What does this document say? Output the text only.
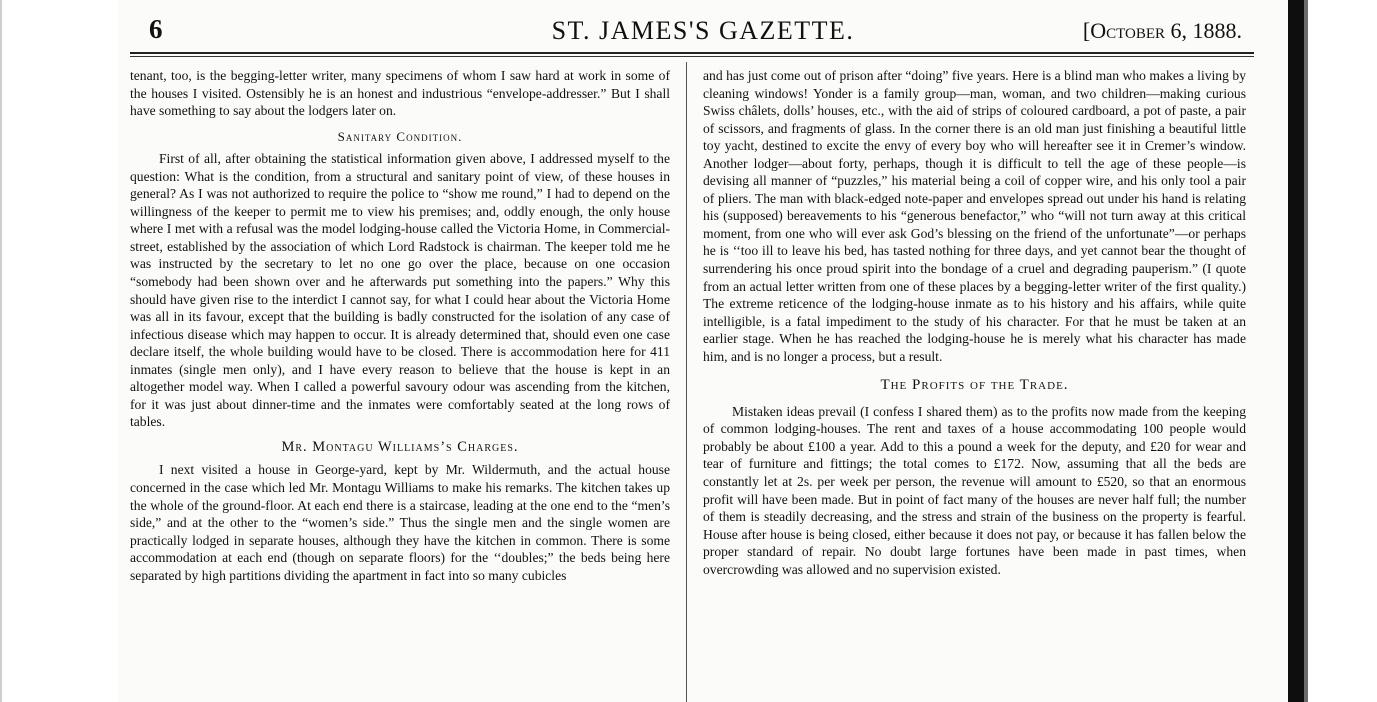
6	ST. JAMES'S GAZETTE.	[October 6, 1888.

tenant, too, is the begging-letter writer, many specimens of whom I saw hard at work in some of the houses I visited. Ostensibly he is an honest and industrious “envelope-addresser.” But I shall have something to say about the lodgers later on.

Sanitary Condition.

First of all, after obtaining the statistical information given above, I addressed myself to the question: What is the condition, from a structural and sanitary point of view, of these houses in general? As I was not authorized to require the police to “show me round,” I had to depend on the willingness of the keeper to permit me to view his premises; and, oddly enough, the only house where I met with a refusal was the model lodging-house called the Victoria Home, in Commercial-street, established by the association of which Lord Radstock is chairman. The keeper told me he was instructed by the secretary to let no one go over the place, because on one occasion “somebody had been shown over and he afterwards put something into the papers.” Why this should have given rise to the interdict I cannot say, for what I could hear about the Victoria Home was all in its favour, except that the building is badly constructed for the isolation of any case of infectious disease which may happen to occur. It is already determined that, should even one case declare itself, the whole building would have to be closed. There is accommodation here for 411 inmates (single men only), and I have every reason to believe that the house is kept in an altogether model way. When I called a powerful savoury odour was ascending from the kitchen, for it was just about dinner-time and the inmates were comfortably seated at the long rows of tables.

Mr. Montagu Williams’s Charges.

I next visited a house in George-yard, kept by Mr. Wildermuth, and the actual house concerned in the case which led Mr. Montagu Williams to make his remarks. The kitchen takes up the whole of the ground-floor. At each end there is a staircase, leading at the one end to the “men’s side,” and at the other to the “women’s side.” Thus the single men and the single women are practically lodged in separate houses, although they have the kitchen in common. There is some accommodation at each end (though on separate floors) for the ‘‘doubles;” the beds being here separated by high partitions dividing the apartment in fact into so many cubicles

and has just come out of prison after “doing” five years. Here is a blind man who makes a living by cleaning windows! Yonder is a family group—man, woman, and two children—making curious Swiss châlets, dolls’ houses, etc., with the aid of strips of coloured cardboard, a pot of paste, a pair of scissors, and fragments of glass. In the corner there is an old man just finishing a beautiful little toy yacht, destined to excite the envy of every boy who will hereafter see it in Cremer’s window. Another lodger—about forty, perhaps, though it is difficult to tell the age of these people—is devising all manner of “puzzles,” his material being a coil of copper wire, and his only tool a pair of pliers. The man with black-edged note-paper and envelopes spread out under his hand is relating his (supposed) bereavements to his “generous benefactor,” who “will not turn away at this critical moment, from one who will ever ask God’s blessing on the friend of the unfortunate”—or perhaps he is ‘‘too ill to leave his bed, has tasted nothing for three days, and yet cannot bear the thought of surrendering his once proud spirit into the bondage of a cruel and degrading pauperism.” (I quote from an actual letter written from one of these places by a begging-letter writer of the first quality.) The extreme reticence of the lodging-house inmate as to his history and his affairs, while quite intelligible, is a fatal impediment to the study of his character. For that he must be taken at an earlier stage. When he has reached the lodging-house he is merely what his character has made him, and is no longer a process, but a result.

The Profits of the Trade.

Mistaken ideas prevail (I confess I shared them) as to the profits now made from the keeping of common lodging-houses. The rent and taxes of a house accommodating 100 people would probably be about £100 a year. Add to this a pound a week for the deputy, and £20 for wear and tear of furniture and fittings; the total comes to £172. Now, assuming that all the beds are constantly let at 2s. per week per person, the revenue will amount to £520, so that an enormous profit will have been made. But in point of fact many of the houses are never half full; the number of them is steadily decreasing, and the stress and strain of the business on the property is fearful. House after house is being closed, either because it does not pay, or because it has fallen below the proper standard of repair. No doubt large fortunes have been made in past times, when overcrowding was allowed and no supervision existed.
